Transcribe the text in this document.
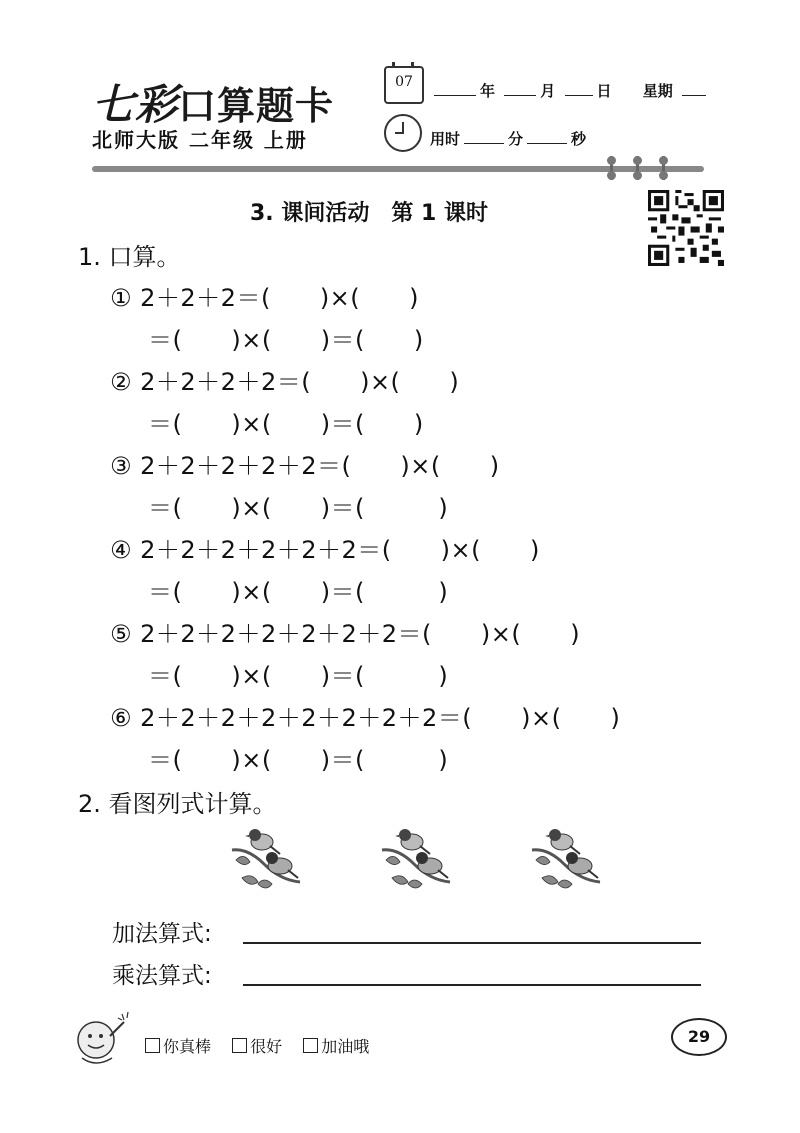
七彩口算题卡
北师大版 二年级 上册
07	年	月	日 星期
用时	分	秒
3. 课间活动　第 1 课时
1. 口算。
① 2＋2＋2＝(　　)×(　　)
＝(　　)×(　　)＝(　　)
② 2＋2＋2＋2＝(　　)×(　　)
＝(　　)×(　　)＝(　　)
③ 2＋2＋2＋2＋2＝(　　)×(　　)
＝(　　)×(　　)＝(　　　)
④ 2＋2＋2＋2＋2＋2＝(　　)×(　　)
＝(　　)×(　　)＝(　　　)
⑤ 2＋2＋2＋2＋2＋2＋2＝(　　)×(　　)
＝(　　)×(　　)＝(　　　)
⑥ 2＋2＋2＋2＋2＋2＋2＋2＝(　　)×(　　)
＝(　　)×(　　)＝(　　　)
2. 看图列式计算。
加法算式:
乘法算式:
你真棒 很好 加油哦
29
